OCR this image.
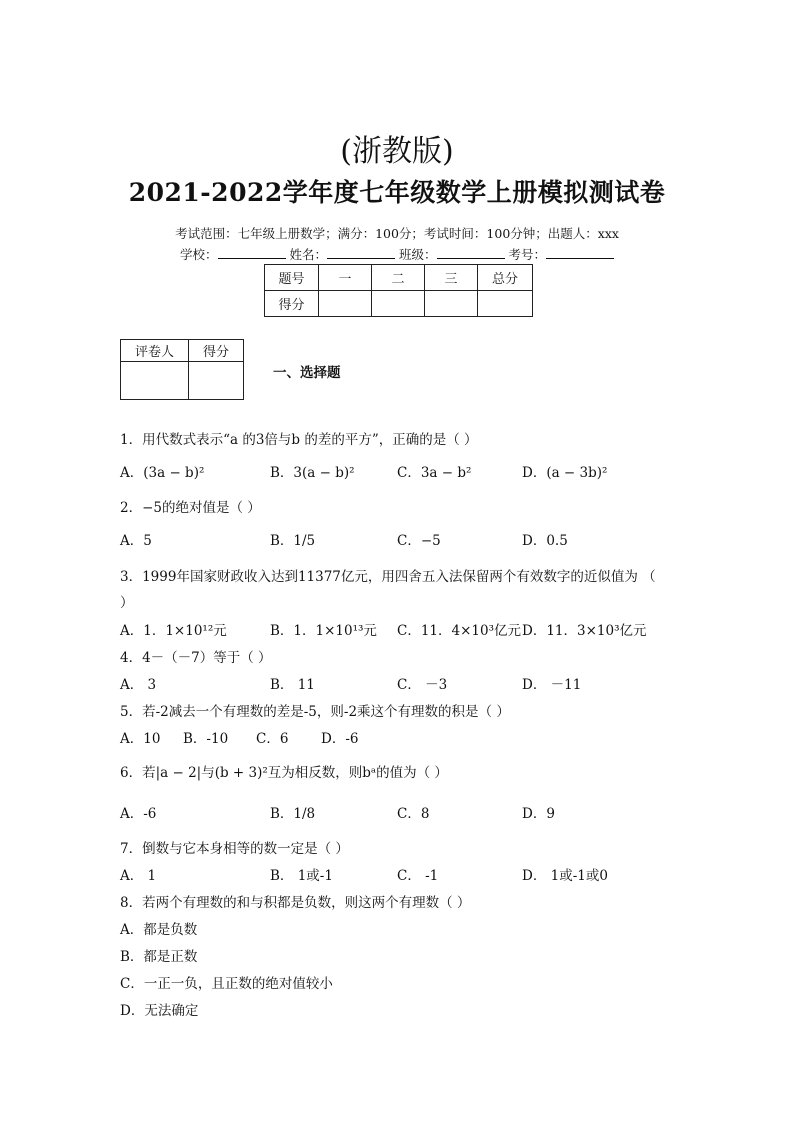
(浙教版)
2021-2022学年度七年级数学上册模拟测试卷
考试范围：七年级上册数学；满分：100分；考试时间：100分钟；出题人：xxx
学校：	姓名：	班级：	考号：
题号	一	二	三	总分
得分				
评卷人	得分

一、选择题
1．用代数式表示“a 的3倍与b 的差的平方”，正确的是（ ）
A．(3a − b)²	B．3(a − b)²	C．3a − b²	D．(a − 3b)²
2．−5的绝对值是（ ）
A．5	B．1/5	C．−5	D．0.5
3．1999年国家财政收入达到11377亿元，用四舍五入法保留两个有效数字的近似值为 （
）
A．1．1×10¹²元	B．1．1×10¹³元 C．11．4×10³亿元 D．11．3×10³亿元
4．4－（－7）等于（ ）
A． 3	B． 11	C． －3	D． －11
5．若-2减去一个有理数的差是-5，则-2乘这个有理数的积是（ ）
A．10 B．-10 C．6 D．-6
6．若|a − 2|与(b + 3)²互为相反数，则bᵃ的值为（ ）
A．-6	B．1/8	C．8	D．9
7．倒数与它本身相等的数一定是（ ）
A． 1	B． 1或-1	C． -1	D． 1或-1或0
8．若两个有理数的和与积都是负数，则这两个有理数（ ）
A．都是负数
B．都是正数
C．一正一负，且正数的绝对值较小
D．无法确定
